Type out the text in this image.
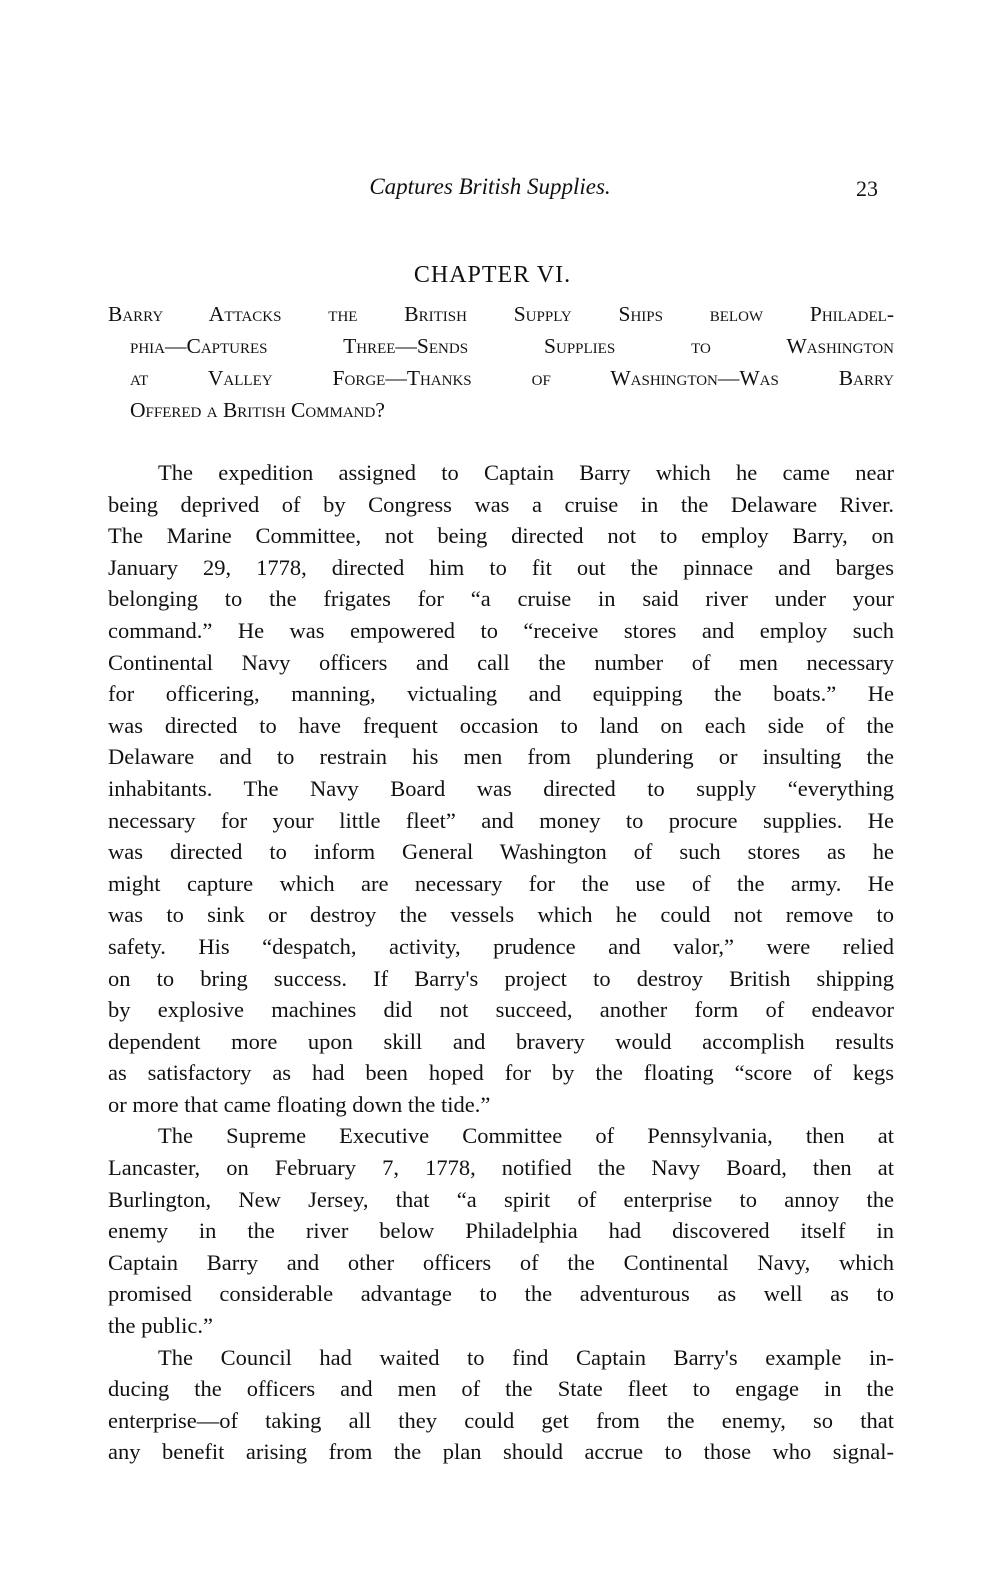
Captures British Supplies.	23
CHAPTER VI.
Barry Attacks the British Supply Ships below Philadel-
phia—Captures Three—Sends Supplies to Washington
at Valley Forge—Thanks of Washington—Was Barry
Offered a British Command?
The expedition assigned to Captain Barry which he came near
being deprived of by Congress was a cruise in the Delaware River.
The Marine Committee, not being directed not to employ Barry, on
January 29, 1778, directed him to fit out the pinnace and barges
belonging to the frigates for “a cruise in said river under your
command.” He was empowered to “receive stores and employ such
Continental Navy officers and call the number of men necessary
for officering, manning, victualing and equipping the boats.” He
was directed to have frequent occasion to land on each side of the
Delaware and to restrain his men from plundering or insulting the
inhabitants. The Navy Board was directed to supply “everything
necessary for your little fleet” and money to procure supplies. He
was directed to inform General Washington of such stores as he
might capture which are necessary for the use of the army. He
was to sink or destroy the vessels which he could not remove to
safety. His “despatch, activity, prudence and valor,” were relied
on to bring success. If Barry's project to destroy British shipping
by explosive machines did not succeed, another form of endeavor
dependent more upon skill and bravery would accomplish results
as satisfactory as had been hoped for by the floating “score of kegs
or more that came floating down the tide.”
The Supreme Executive Committee of Pennsylvania, then at
Lancaster, on February 7, 1778, notified the Navy Board, then at
Burlington, New Jersey, that “a spirit of enterprise to annoy the
enemy in the river below Philadelphia had discovered itself in
Captain Barry and other officers of the Continental Navy, which
promised considerable advantage to the adventurous as well as to
the public.”
The Council had waited to find Captain Barry's example in-
ducing the officers and men of the State fleet to engage in the
enterprise—of taking all they could get from the enemy, so that
any benefit arising from the plan should accrue to those who signal-
